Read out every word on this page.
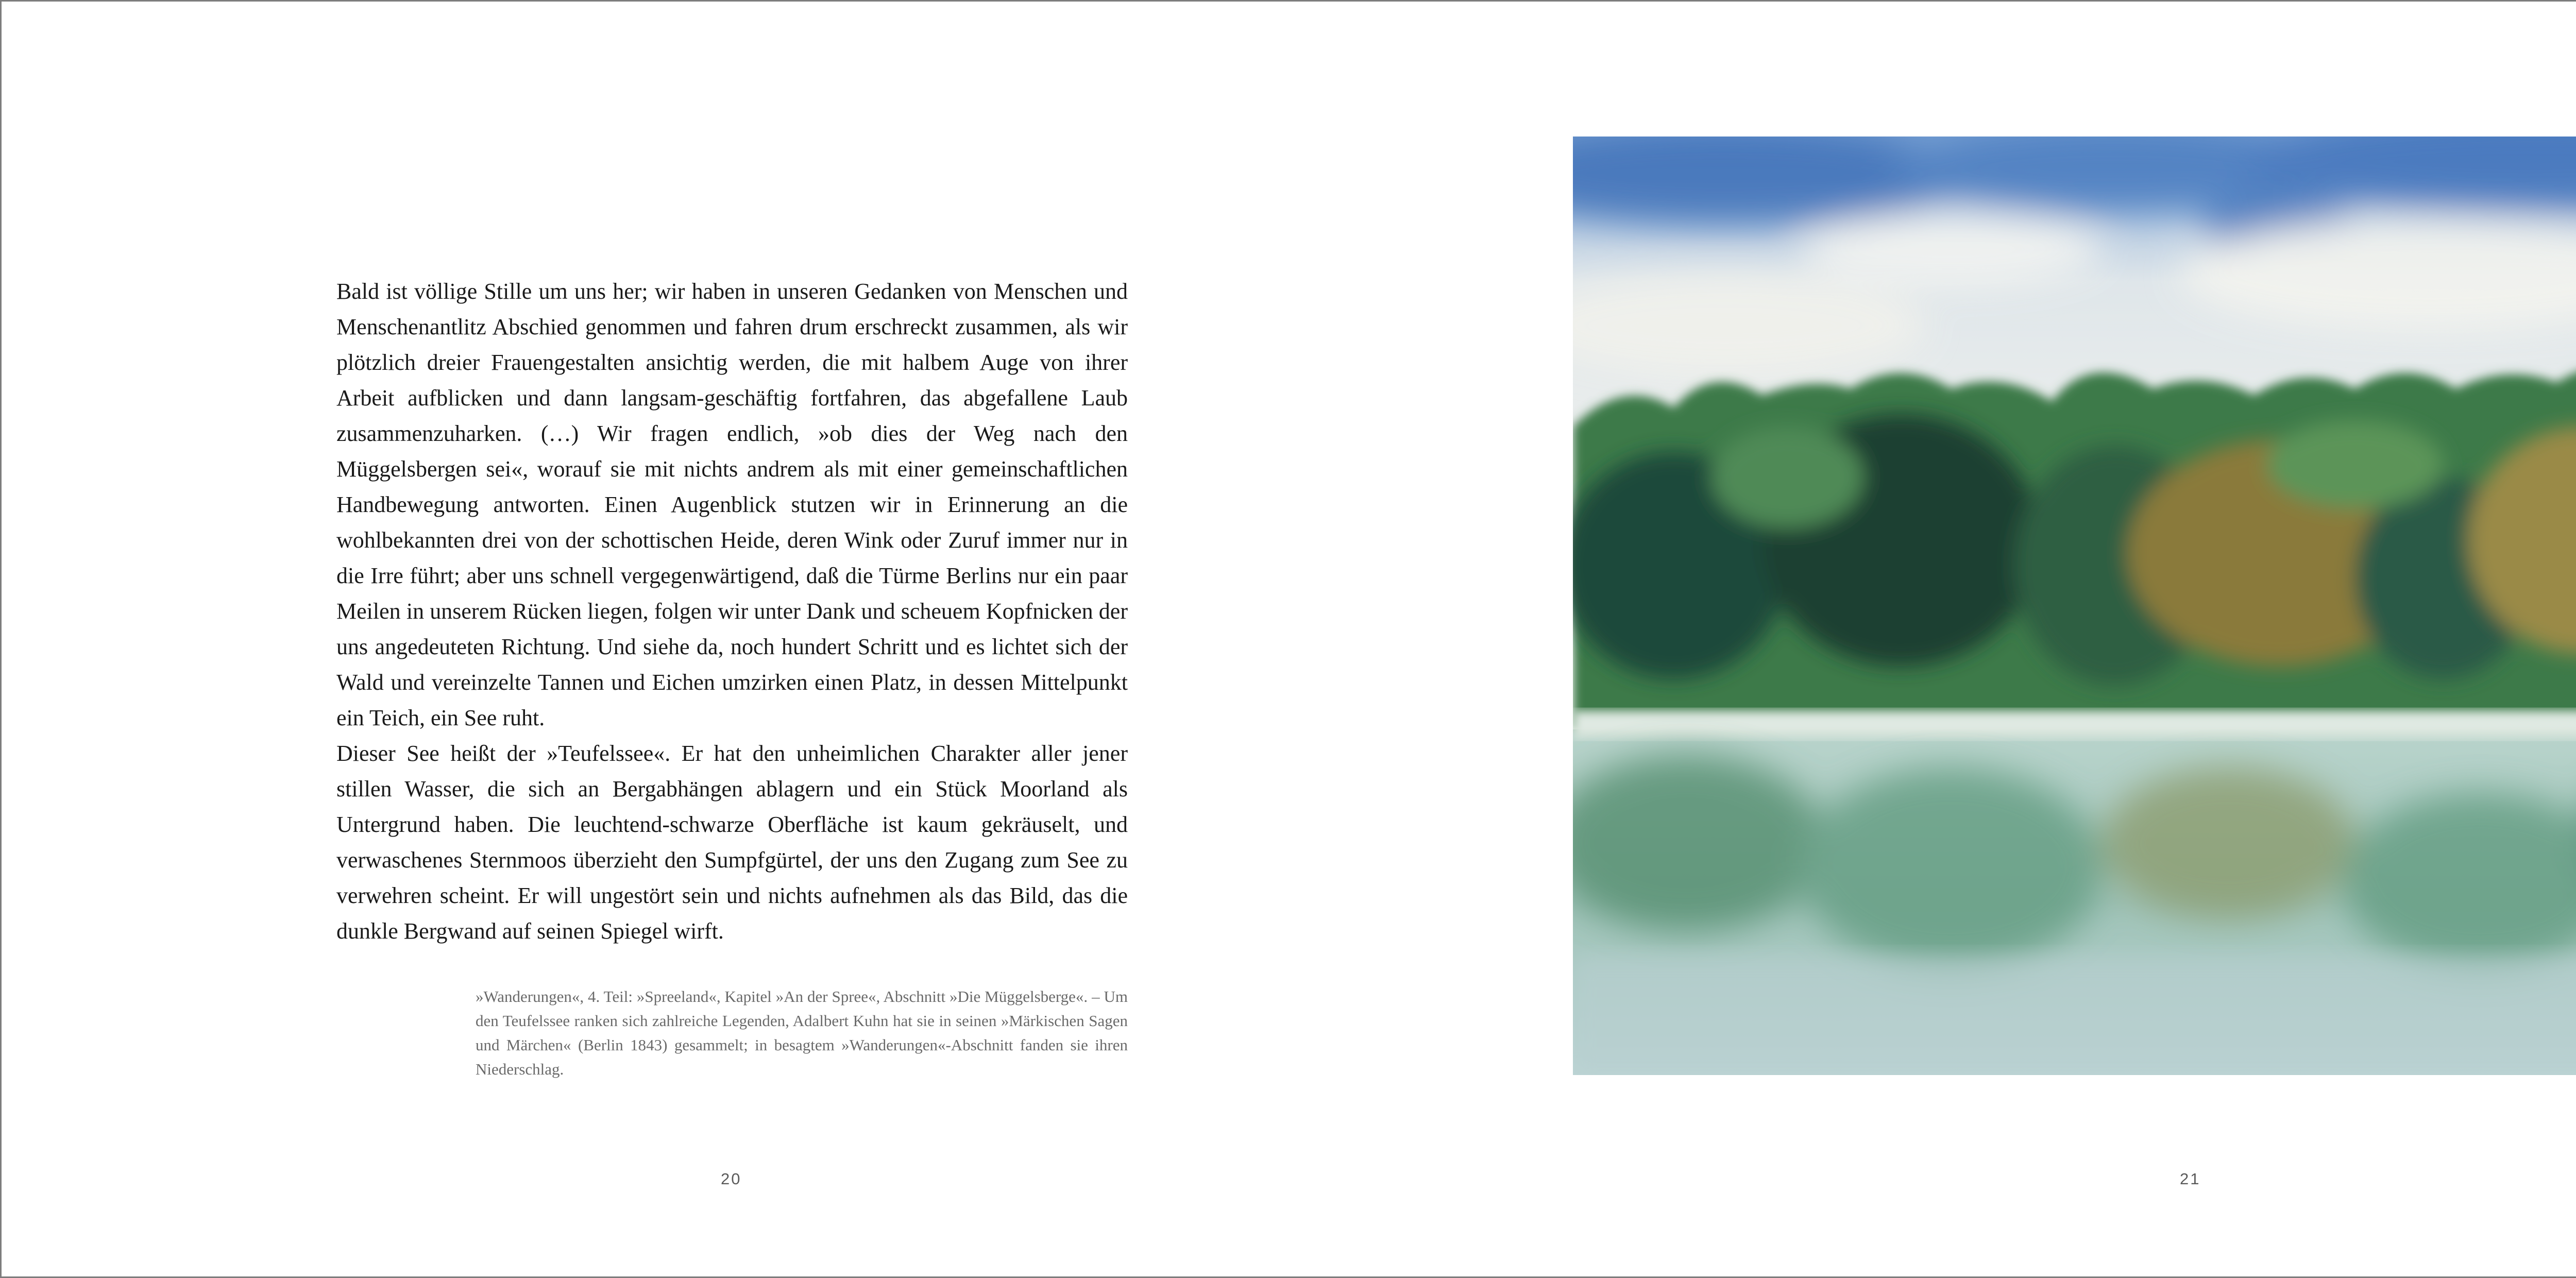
Bald ist völlige Stille um uns her; wir haben in unseren Gedanken von Menschen und Menschenantlitz Abschied genommen und fahren drum erschreckt zusammen, als wir plötzlich dreier Frauengestalten ansichtig werden, die mit halbem Auge von ihrer Arbeit aufblicken und dann langsam-geschäftig fortfahren, das abgefallene Laub zusammenzuharken. (…) Wir fragen endlich, »ob dies der Weg nach den Müggelsbergen sei«, worauf sie mit nichts andrem als mit einer gemeinschaftlichen Handbewegung antworten. Einen Augenblick stutzen wir in Erinnerung an die wohlbekannten drei von der schottischen Heide, deren Wink oder Zuruf immer nur in die Irre führt; aber uns schnell vergegenwärtigend, daß die Türme Berlins nur ein paar Meilen in unserem Rücken liegen, folgen wir unter Dank und scheuem Kopfnicken der uns angedeuteten Richtung. Und siehe da, noch hundert Schritt und es lichtet sich der Wald und vereinzelte Tannen und Eichen umzirken einen Platz, in dessen Mittelpunkt ein Teich, ein See ruht.

Dieser See heißt der »Teufelssee«. Er hat den unheimlichen Charakter aller jener stillen Wasser, die sich an Bergabhängen ablagern und ein Stück Moorland als Untergrund haben. Die leuchtend-schwarze Oberfläche ist kaum gekräuselt, und verwaschenes Sternmoos überzieht den Sumpfgürtel, der uns den Zugang zum See zu verwehren scheint. Er will ungestört sein und nichts aufnehmen als das Bild, das die dunkle Bergwand auf seinen Spiegel wirft.

»Wanderungen«, 4. Teil: »Spreeland«, Kapitel »An der Spree«, Abschnitt »Die Müggelsberge«. – Um den Teufelssee ranken sich zahlreiche Legenden, Adalbert Kuhn hat sie in seinen »Märkischen Sagen und Märchen« (Berlin 1843) gesammelt; in besagtem »Wanderungen«-Abschnitt fanden sie ihren Niederschlag.
20	21
